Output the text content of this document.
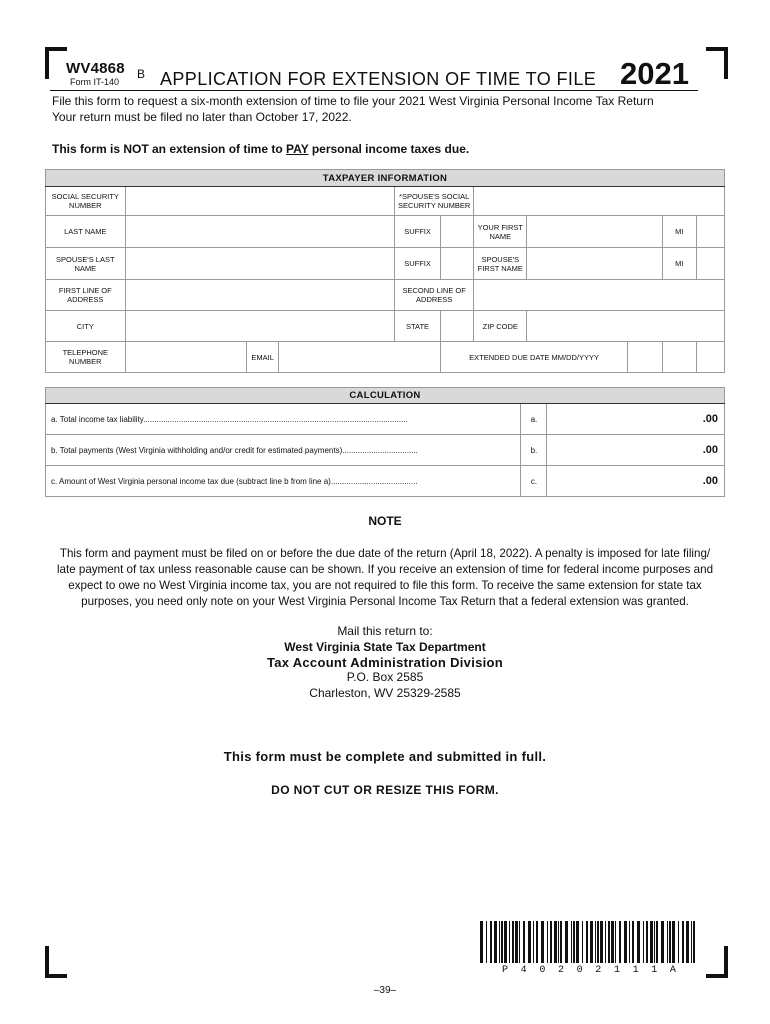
WV4868
Form IT-140
B APPLICATION FOR EXTENSION OF TIME TO FILE 2021
File this form to request a six-month extension of time to file your 2021 West Virginia Personal Income Tax Return
Your return must be filed no later than October 17, 2022.
This form is NOT an extension of time to PAY personal income taxes due.
TAXPAYER INFORMATION										
SOCIAL SECURITY NUMBER				*SPOUSE'S SOCIAL SECURITY NUMBER						
LAST NAME				SUFFIX		YOUR FIRST NAME			MI	
SPOUSE'S LAST NAME				SUFFIX		SPOUSE'S FIRST NAME			MI	
FIRST LINE OF ADDRESS				SECOND LINE OF ADDRESS						
CITY				STATE		ZIP CODE				
TELEPHONE NUMBER		EMAIL			EXTENDED DUE DATE MM/DD/YYYY					
CALCULATION		
a. Total income tax liability.......................................................................................................................	a.	.00
b. Total payments (West Virginia withholding and/or credit for estimated payments)..................................	b.	.00
c. Amount of West Virginia personal income tax due (subtract line b from line a).......................................	c.	.00
NOTE
This form and payment must be filed on or before the due date of the return (April 18, 2022). A penalty is imposed for late filing/ late payment of tax unless reasonable cause can be shown. If you receive an extension of time for federal income purposes and expect to owe no West Virginia income tax, you are not required to file this form. To receive the same extension for state tax purposes, you need only note on your West Virginia Personal Income Tax Return that a federal extension was granted.
Mail this return to:
West Virginia State Tax Department
Tax Account Administration Division
P.O. Box 2585
Charleston, WV 25329-2585
This form must be complete and submitted in full.
DO NOT CUT OR RESIZE THIS FORM.
P 4 0 2 0 2 1 1 1 A
–39–
